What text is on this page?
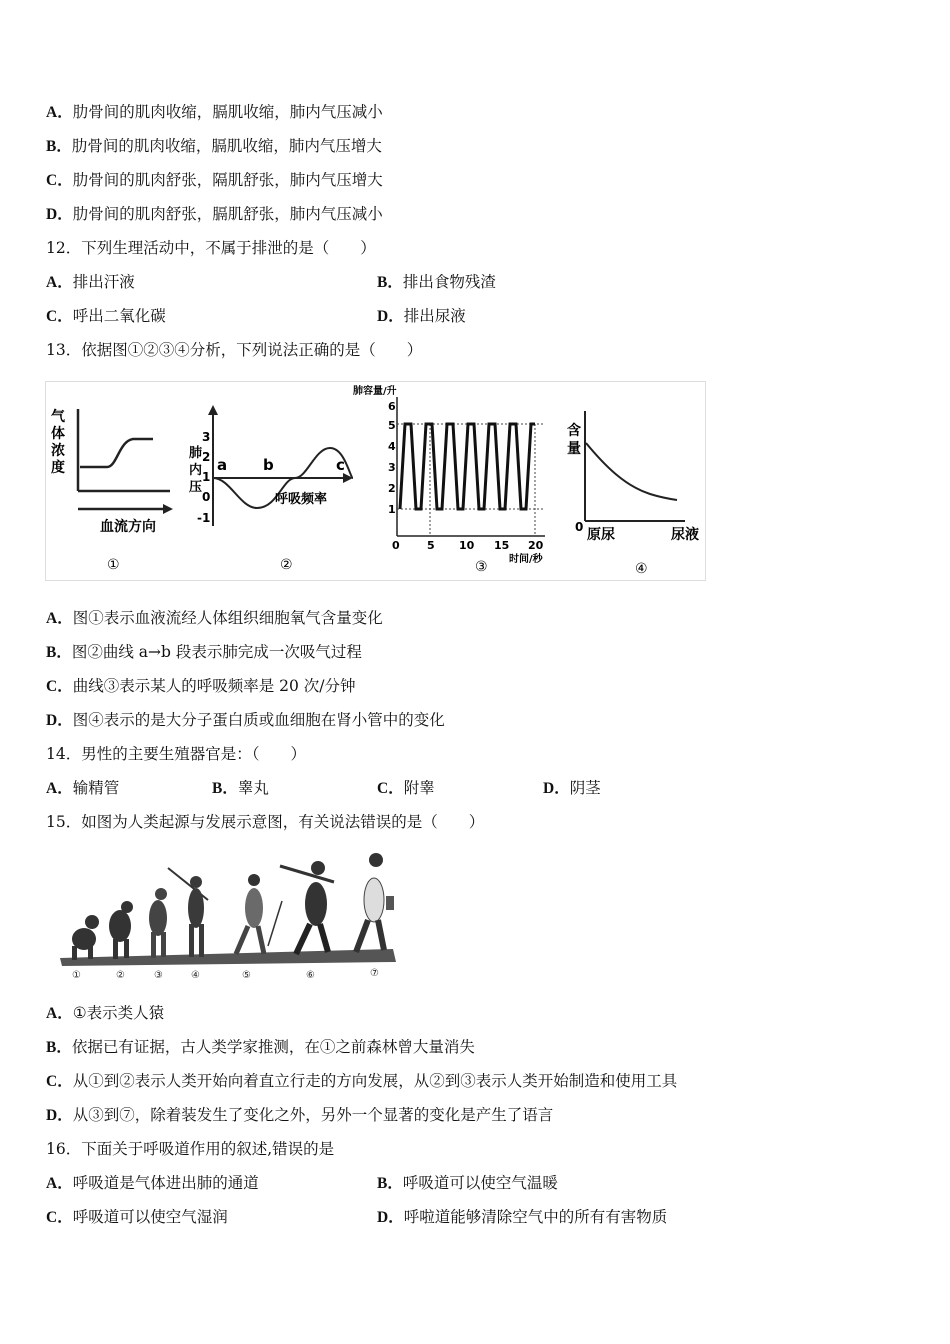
A．肋骨间的肌肉收缩，膈肌收缩，肺内气压减小
B．肋骨间的肌肉收缩，膈肌收缩，肺内气压增大
C．肋骨间的肌肉舒张，隔肌舒张，肺内气压增大
D．肋骨间的肌肉舒张，膈肌舒张，肺内气压减小
12．下列生理活动中，不属于排泄的是（　　）
A．排出汗液	B．排出食物残渣
C．呼出二氧化碳	D．排出尿液
13．依据图①②③④分析，下列说法正确的是（　　）
气
体
浓
度
血流方向
①
3
2
1
0
-1
肺
内
压
a b	c
呼吸频率
②
肺容量/升
6
5
4
3
2
1
0 5 10 15 20
时间/秒
③
含
量
0 原尿	尿液
④
A．图①表示血液流经人体组织细胞氧气含量变化
B．图②曲线 a→b 段表示肺完成一次吸气过程
C．曲线③表示某人的呼吸频率是 20 次/分钟
D．图④表示的是大分子蛋白质或血细胞在肾小管中的变化
14．男性的主要生殖器官是：（　　）
A．输精管	B．睾丸	C．附睾	D．阴茎
15．如图为人类起源与发展示意图，有关说法错误的是（　　）
①	②	③	④	⑤	⑥	⑦
A．①表示类人猿
B．依据已有证据，古人类学家推测，在①之前森林曾大量消失
C．从①到②表示人类开始向着直立行走的方向发展，从②到③表示人类开始制造和使用工具
D．从③到⑦，除着装发生了变化之外，另外一个显著的变化是产生了语言
16．下面关于呼吸道作用的叙述,错误的是
A．呼吸道是气体进出肺的通道	B．呼吸道可以使空气温暖
C．呼吸道可以使空气湿润	D．呼啦道能够清除空气中的所有有害物质
